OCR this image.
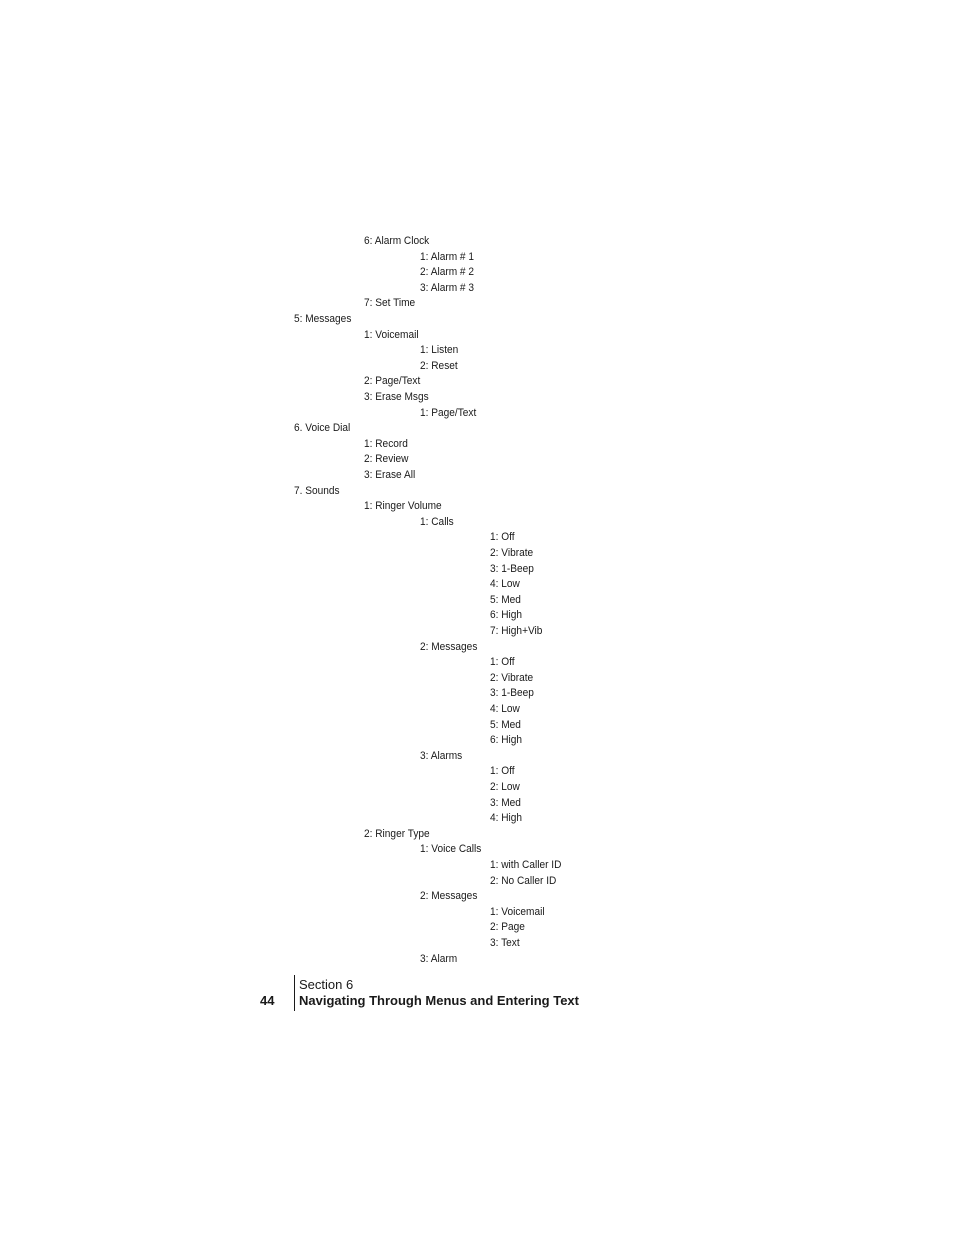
6: Alarm Clock
1: Alarm # 1
2: Alarm # 2
3: Alarm # 3
7: Set Time
5: Messages
1: Voicemail
1: Listen
2: Reset
2: Page/Text
3: Erase Msgs
1: Page/Text
6. Voice Dial
1: Record
2: Review
3: Erase All
7. Sounds
1: Ringer Volume
1: Calls
1: Off
2: Vibrate
3: 1-Beep
4: Low
5: Med
6: High
7: High+Vib
2: Messages
1: Off
2: Vibrate
3: 1-Beep
4: Low
5: Med
6: High
3: Alarms
1: Off
2: Low
3: Med
4: High
2: Ringer Type
1: Voice Calls
1: with Caller ID
2: No Caller ID
2: Messages
1: Voicemail
2: Page
3: Text
3: Alarm
44
Section 6
Navigating Through Menus and Entering Text
